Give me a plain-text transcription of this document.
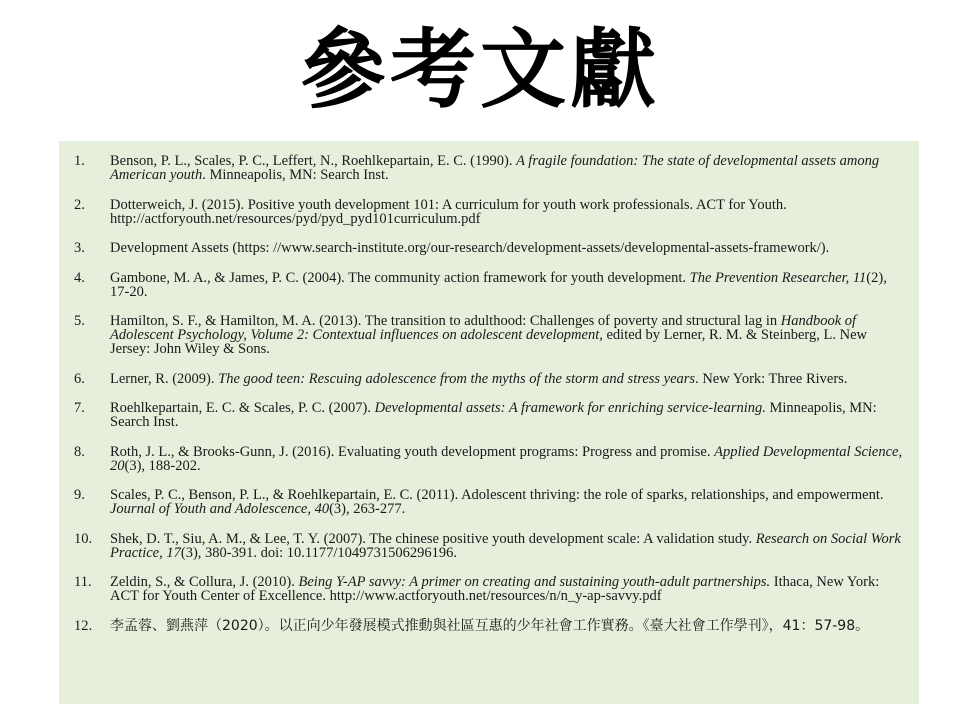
參考文獻
1.	Benson, P. L., Scales, P. C., Leffert, N., Roehlkepartain, E. C. (1990). A fragile foundation: The state of developmental assets among American youth. Minneapolis, MN: Search Inst.
2.	Dotterweich, J. (2015). Positive youth development 101: A curriculum for youth work professionals. ACT for Youth. http://actforyouth.net/resources/pyd/pyd_pyd101curriculum.pdf
3.	Development Assets (https: //www.search-institute.org/our-research/development-assets/developmental-assets-framework/).
4.	Gambone, M. A., & James, P. C. (2004). The community action framework for youth development. The Prevention Researcher, 11(2), 17-20.
5.	Hamilton, S. F., & Hamilton, M. A. (2013). The transition to adulthood: Challenges of poverty and structural lag in Handbook of Adolescent Psychology, Volume 2: Contextual influences on adolescent development, edited by Lerner, R. M. & Steinberg, L. New Jersey: John Wiley & Sons.
6.	Lerner, R. (2009). The good teen: Rescuing adolescence from the myths of the storm and stress years. New York: Three Rivers.
7.	Roehlkepartain, E. C. & Scales, P. C. (2007). Developmental assets: A framework for enriching service-learning. Minneapolis, MN: Search Inst.
8.	Roth, J. L., & Brooks-Gunn, J. (2016). Evaluating youth development programs: Progress and promise. Applied Developmental Science, 20(3), 188-202.
9.	Scales, P. C., Benson, P. L., & Roehlkepartain, E. C. (2011). Adolescent thriving: the role of sparks, relationships, and empowerment. Journal of Youth and Adolescence, 40(3), 263-277.
10.	Shek, D. T., Siu, A. M., & Lee, T. Y. (2007). The chinese positive youth development scale: A validation study. Research on Social Work Practice, 17(3), 380-391. doi: 10.1177/1049731506296196.
11.	Zeldin, S., & Collura, J. (2010). Being Y-AP savvy: A primer on creating and sustaining youth-adult partnerships. Ithaca, New York: ACT for Youth Center of Excellence. http://www.actforyouth.net/resources/n/n_y-ap-savvy.pdf
12.	李孟蓉、劉燕萍（2020）。以正向少年發展模式推動與社區互惠的少年社會工作實務。《臺大社會工作學刊》，41：57-98。
